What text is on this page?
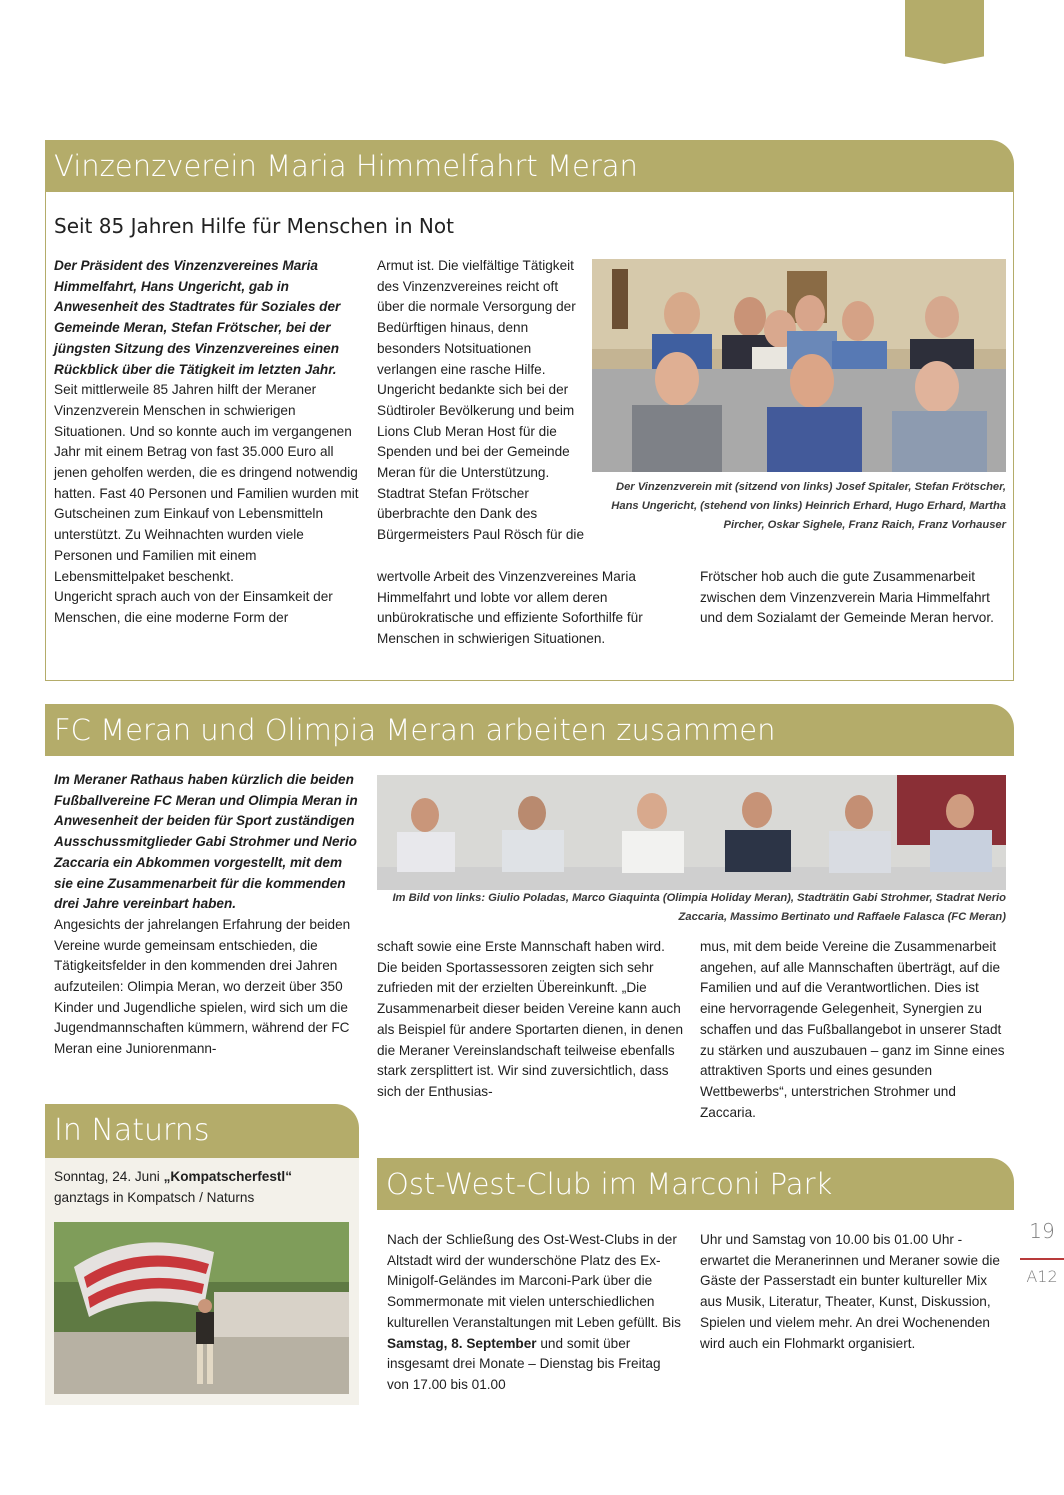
Vinzenzverein Maria Himmelfahrt Meran
Seit 85 Jahren Hilfe für Menschen in Not

Der Präsident des Vinzenzvereines Maria Himmelfahrt, Hans Ungericht, gab in Anwesenheit des Stadtrates für Soziales der Gemeinde Meran, Stefan Frötscher, bei der jüngsten Sitzung des Vinzenzvereines einen Rückblick über die Tätigkeit im letzten Jahr.

Seit mittlerweile 85 Jahren hilft der Meraner Vinzenzverein Menschen in schwierigen Situationen. Und so konnte auch im vergangenen Jahr mit einem Betrag von fast 35.000 Euro all jenen geholfen werden, die es dringend notwendig hatten. Fast 40 Personen und Familien wurden mit Gutscheinen zum Einkauf von Lebensmitteln unterstützt. Zu Weihnachten wurden viele Personen und Familien mit einem Lebensmittelpaket beschenkt.

Ungericht sprach auch von der Einsamkeit der Menschen, die eine moderne Form der

Armut ist. Die vielfältige Tätigkeit des Vinzenzvereines reicht oft über die normale Versorgung der Bedürftigen hinaus, denn besonders Notsituationen verlangen eine rasche Hilfe. Ungericht bedankte sich bei der Südtiroler Bevölkerung und beim Lions Club Meran Host für die Spenden und bei der Gemeinde Meran für die Unterstützung.

Stadtrat Stefan Frötscher überbrachte den Dank des Bürgermeisters Paul Rösch für die

Der Vinzenzverein mit (sitzend von links) Josef Spitaler, Stefan Frötscher, Hans Ungericht, (stehend von links) Heinrich Erhard, Hugo Erhard, Martha Pircher, Oskar Sighele, Franz Raich, Franz Vorhauser

wertvolle Arbeit des Vinzenzvereines Maria Himmelfahrt und lobte vor allem deren unbürokratische und effiziente Soforthilfe für Menschen in schwierigen Situationen.

Frötscher hob auch die gute Zusammenarbeit zwischen dem Vinzenzverein Maria Himmelfahrt und dem Sozialamt der Gemeinde Meran hervor.

FC Meran und Olimpia Meran arbeiten zusammen

Im Meraner Rathaus haben kürzlich die beiden Fußballvereine FC Meran und Olimpia Meran in Anwesenheit der beiden für Sport zuständigen Ausschussmitglieder Gabi Strohmer und Nerio Zaccaria ein Abkommen vorgestellt, mit dem sie eine Zusammenarbeit für die kommenden drei Jahre vereinbart haben.

Angesichts der jahrelangen Erfahrung der beiden Vereine wurde gemeinsam entschieden, die Tätigkeitsfelder in den kommenden drei Jahren aufzuteilen: Olimpia Meran, wo derzeit über 350 Kinder und Jugendliche spielen, wird sich um die Jugendmannschaften kümmern, während der FC Meran eine Juniorenmann-

Im Bild von links: Giulio Poladas, Marco Giaquinta (Olimpia Holiday Meran), Stadträtin Gabi Strohmer, Stadrat Nerio Zaccaria, Massimo Bertinato und Raffaele Falasca (FC Meran)

schaft sowie eine Erste Mannschaft haben wird.

Die beiden Sportassessoren zeigten sich sehr zufrieden mit der erzielten Übereinkunft. „Die Zusammenarbeit dieser beiden Vereine kann auch als Beispiel für andere Sportarten dienen, in denen die Meraner Vereinslandschaft teilweise ebenfalls stark zersplittert ist. Wir sind zuversichtlich, dass sich der Enthusias-

mus, mit dem beide Vereine die Zusammenarbeit angehen, auf alle Mannschaften überträgt, auf die Familien und auf die Verantwortlichen. Dies ist eine hervorragende Gelegenheit, Synergien zu schaffen und das Fußballangebot in unserer Stadt zu stärken und auszubauen – ganz im Sinne eines attraktiven Sports und eines gesunden Wettbewerbs“, unterstrichen Strohmer und Zaccaria.

In Naturns

Sonntag, 24. Juni „Kompatscherfestl“

ganztags in Kompatsch / Naturns	Ost-West-Club im Marconi Park

Nach der Schließung des Ost-West-Clubs in der Altstadt wird der wunderschöne Platz des Ex-Minigolf-Geländes im Marconi-Park über die Sommermonate mit vielen unterschiedlichen kulturellen Veranstaltungen mit Leben gefüllt. Bis Samstag, 8. September und somit über insgesamt drei Monate – Dienstag bis Freitag von 17.00 bis 01.00

Uhr und Samstag von 10.00 bis 01.00 Uhr - erwartet die Meranerinnen und Meraner sowie die Gäste der Passerstadt ein bunter kultureller Mix aus Musik, Literatur, Theater, Kunst, Diskussion, Spielen und vielem mehr. An drei Wochenenden wird auch ein Flohmarkt organisiert.

19
A12
